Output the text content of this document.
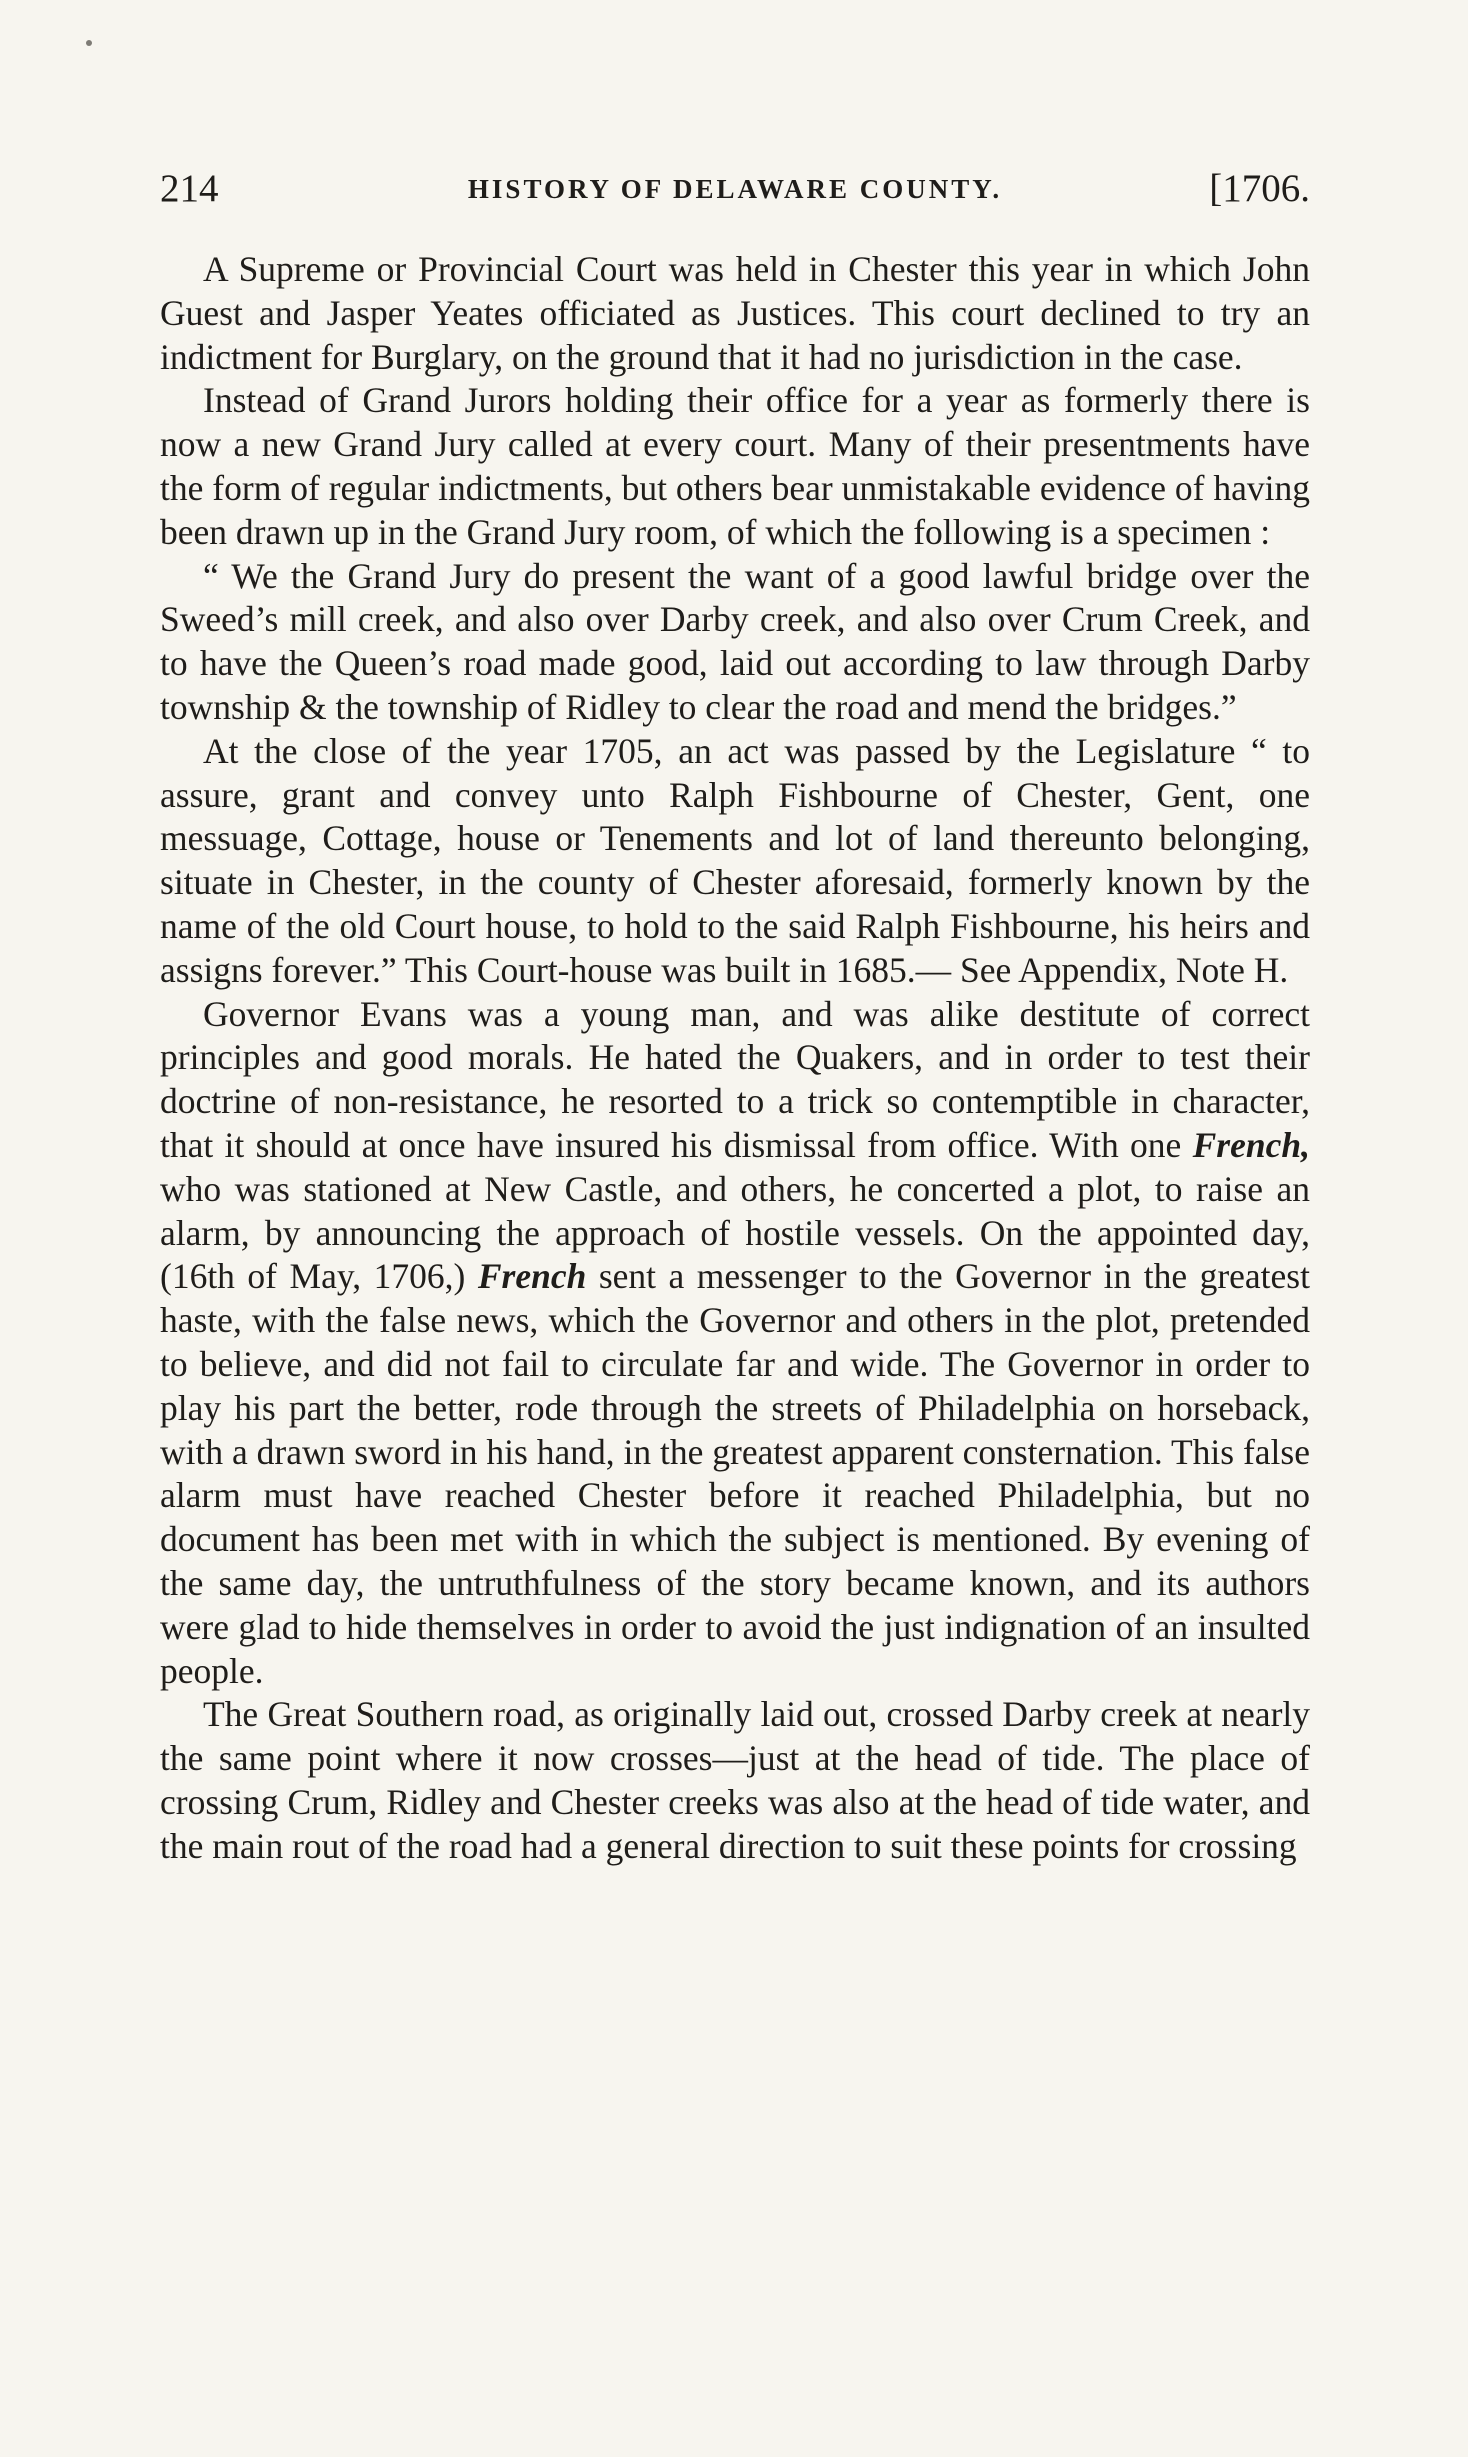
214	HISTORY OF DELAWARE COUNTY.	[1706.

A Supreme or Provincial Court was held in Chester this year in which John Guest and Jasper Yeates officiated as Justices. This court declined to try an indictment for Burglary, on the ground that it had no jurisdiction in the case.

Instead of Grand Jurors holding their office for a year as formerly there is now a new Grand Jury called at every court. Many of their presentments have the form of regular indictments, but others bear unmistakable evidence of having been drawn up in the Grand Jury room, of which the following is a specimen :

“ We the Grand Jury do present the want of a good lawful bridge over the Sweed’s mill creek, and also over Darby creek, and also over Crum Creek, and to have the Queen’s road made good, laid out according to law through Darby township & the township of Ridley to clear the road and mend the bridges.”

At the close of the year 1705, an act was passed by the Legislature “ to assure, grant and convey unto Ralph Fishbourne of Chester, Gent, one messuage, Cottage, house or Tenements and lot of land thereunto belonging, situate in Chester, in the county of Chester aforesaid, formerly known by the name of the old Court house, to hold to the said Ralph Fishbourne, his heirs and assigns forever.” This Court-house was built in 1685.— See Appendix, Note H.

Governor Evans was a young man, and was alike destitute of correct principles and good morals. He hated the Quakers, and in order to test their doctrine of non-resistance, he resorted to a trick so contemptible in character, that it should at once have insured his dismissal from office. With one French, who was stationed at New Castle, and others, he concerted a plot, to raise an alarm, by announcing the approach of hostile vessels. On the appointed day, (16th of May, 1706,) French sent a messenger to the Governor in the greatest haste, with the false news, which the Governor and others in the plot, pretended to believe, and did not fail to circulate far and wide. The Governor in order to play his part the better, rode through the streets of Philadelphia on horseback, with a drawn sword in his hand, in the greatest apparent consternation. This false alarm must have reached Chester before it reached Philadelphia, but no document has been met with in which the subject is mentioned. By evening of the same day, the untruthfulness of the story became known, and its authors were glad to hide themselves in order to avoid the just indignation of an insulted people.

The Great Southern road, as originally laid out, crossed Darby creek at nearly the same point where it now crosses—just at the head of tide. The place of crossing Crum, Ridley and Chester creeks was also at the head of tide water, and the main rout of the road had a general direction to suit these points for crossing
